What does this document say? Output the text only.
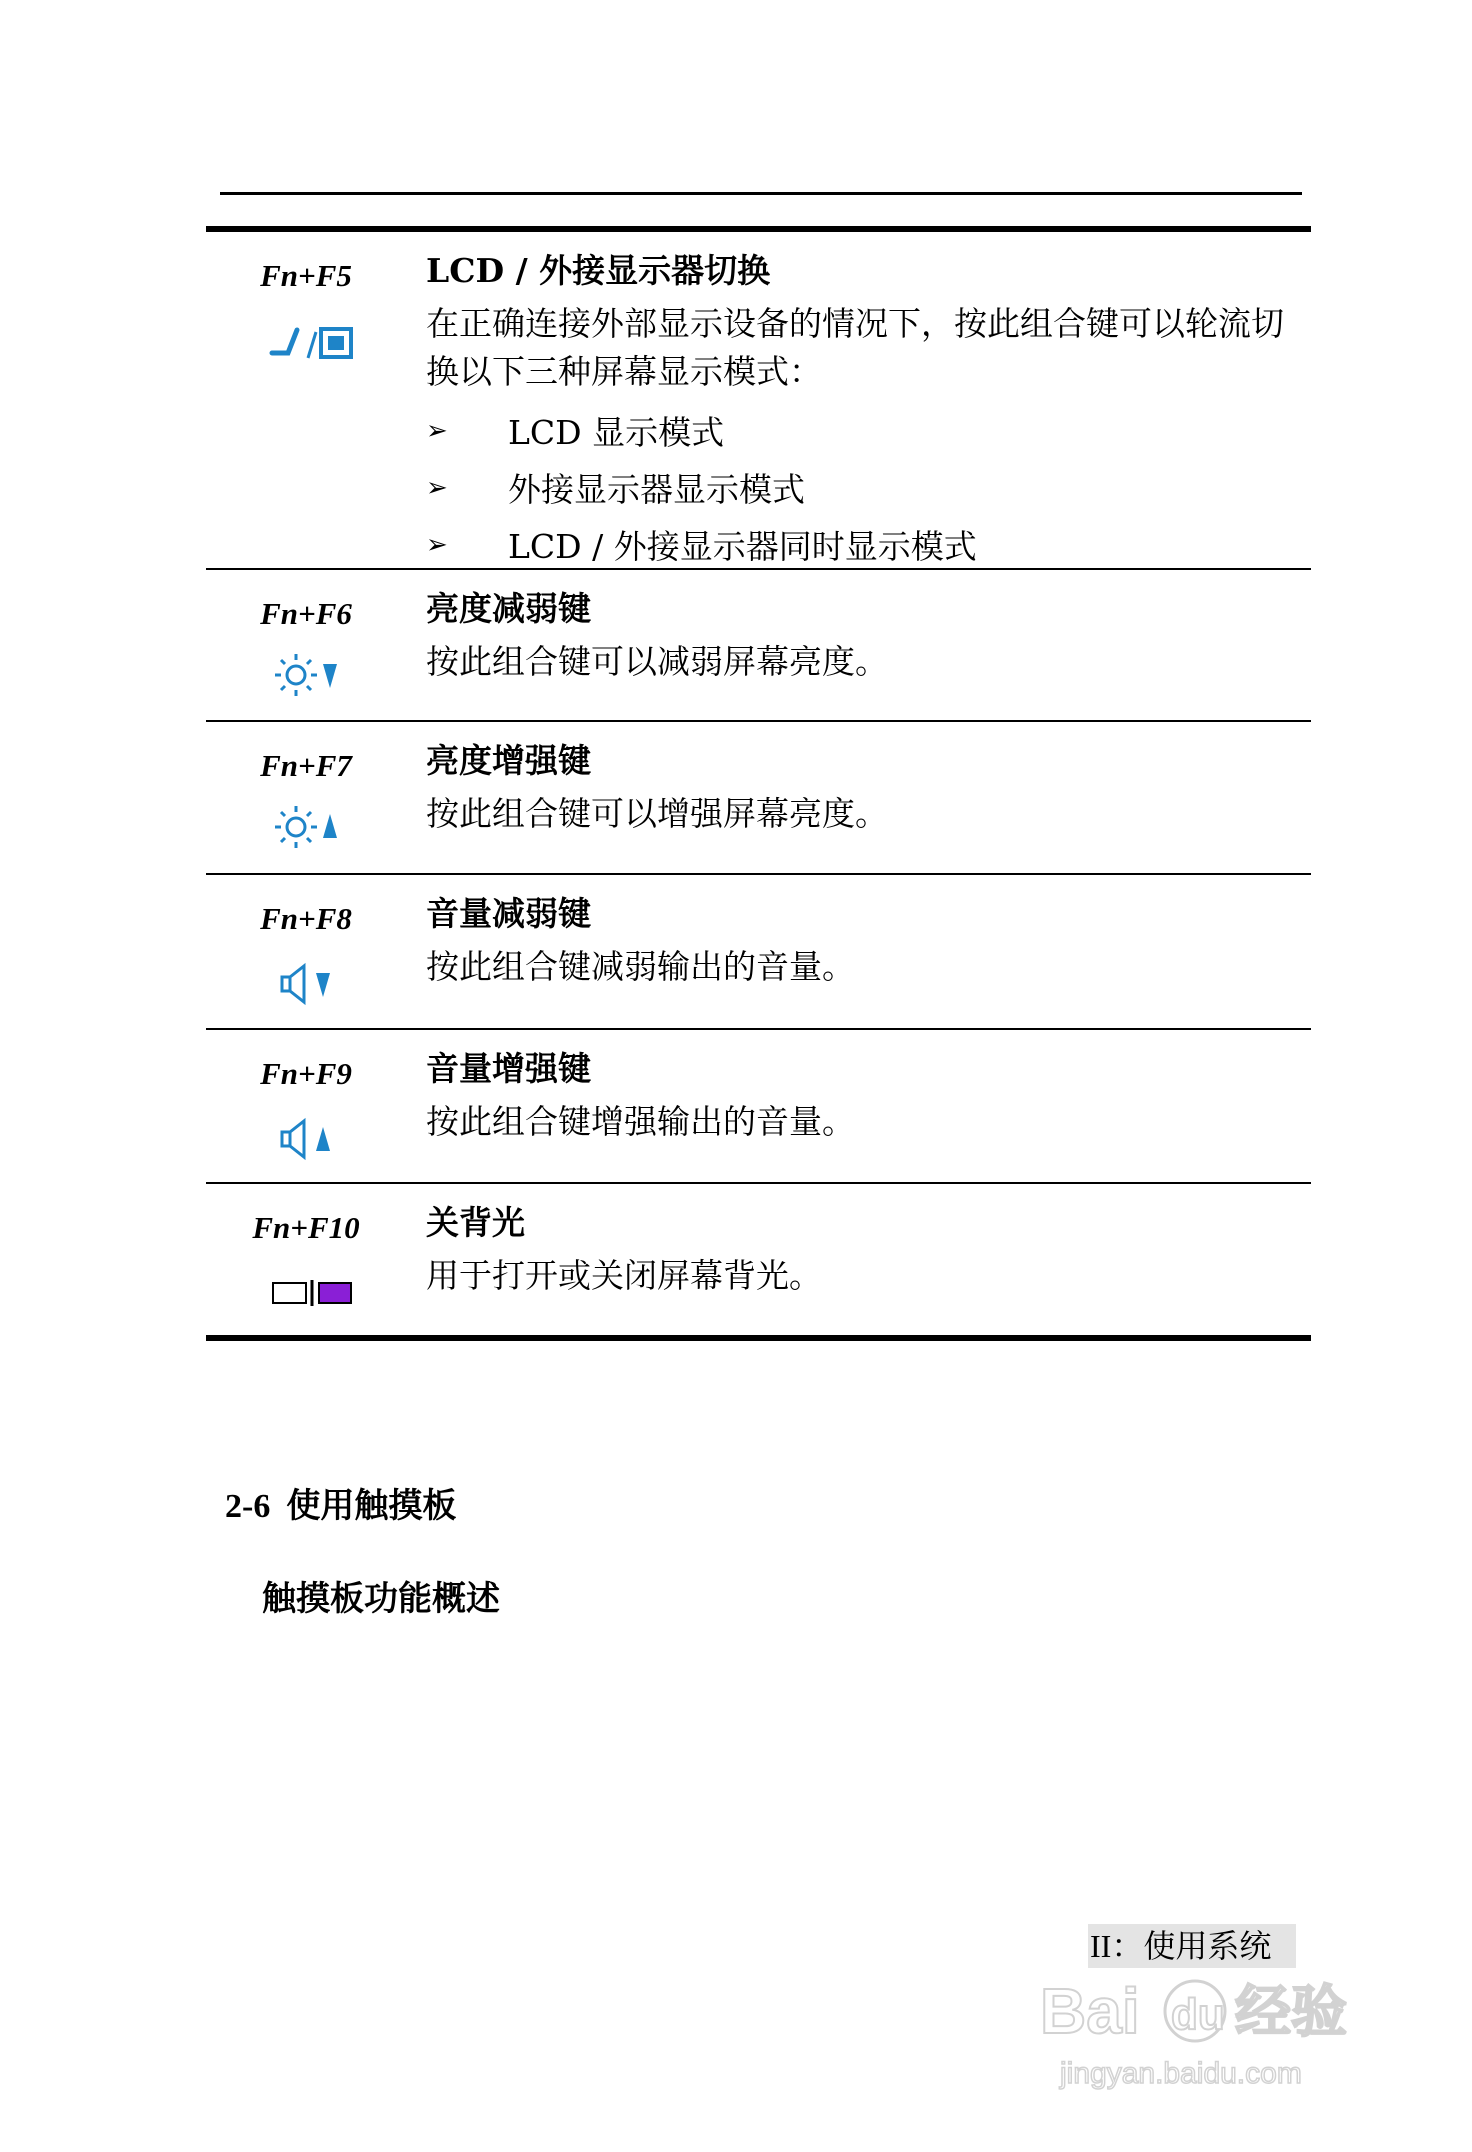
Fn+F5	LCD / 外接显示器切换
在正确连接外部显示设备的情况下，按此组合键可以轮流切换以下三种屏幕显示模式：
➢	LCD 显示模式
➢	外接显示器显示模式
➢	LCD / 外接显示器同时显示模式
Fn+F6	亮度减弱键
按此组合键可以减弱屏幕亮度。
Fn+F7	亮度增强键
按此组合键可以增强屏幕亮度。
Fn+F8	音量减弱键
按此组合键减弱输出的音量。
Fn+F9	音量增强键
按此组合键增强输出的音量。
Fn+F10	关背光
用于打开或关闭屏幕背光。
2-6 使用触摸板
触摸板功能概述
II：使用系统
Bai du 经验
jingyan.baidu.com
